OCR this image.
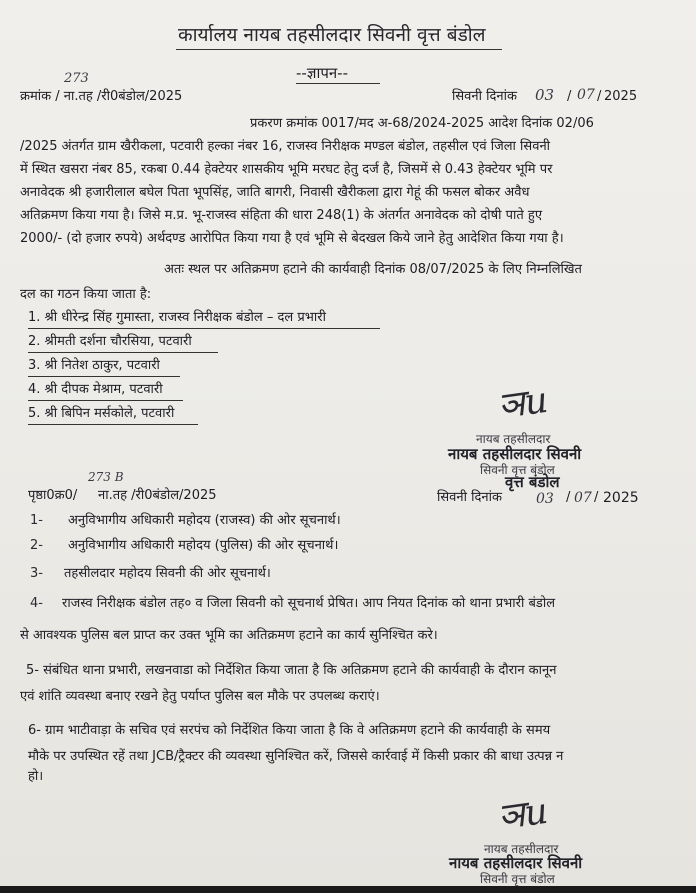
कार्यालय नायब तहसीलदार सिवनी वृत्त बंडोल
--ज्ञापन--
273
क्रमांक / ना.तह /री0बंडोल/2025	सिवनी दिनांक 03 / 07 / 2025
प्रकरण क्रमांक 0017/मद अ-68/2024-2025 आदेश दिनांक 02/06
/2025 अंतर्गत ग्राम खैरीकला, पटवारी हल्का नंबर 16, राजस्व निरीक्षक मण्डल बंडोल, तहसील एवं जिला सिवनी
में स्थित खसरा नंबर 85, रकबा 0.44 हेक्टेयर शासकीय भूमि मरघट हेतु दर्ज है, जिसमें से 0.43 हेक्टेयर भूमि पर
अनावेदक श्री हजारीलाल बघेल पिता भूपसिंह, जाति बागरी, निवासी खैरीकला द्वारा गेहूं की फसल बोकर अवैध
अतिक्रमण किया गया है। जिसे म.प्र. भू-राजस्व संहिता की धारा 248(1) के अंतर्गत अनावेदक को दोषी पाते हुए
2000/- (दो हजार रुपये) अर्थदण्ड आरोपित किया गया है एवं भूमि से बेदखल किये जाने हेतु आदेशित किया गया है।
अतः स्थल पर अतिक्रमण हटाने की कार्यवाही दिनांक 08/07/2025 के लिए निम्नलिखित
दल का गठन किया जाता है:
1. श्री धीरेन्द्र सिंह गुमास्ता, राजस्व निरीक्षक बंडोल – दल प्रभारी
2. श्रीमती दर्शना चौरसिया, पटवारी
3. श्री नितेश ठाकुर, पटवारी
4. श्री दीपक मेश्राम, पटवारी
5. श्री बिपिन मर्सकोले, पटवारी	ञu
नायब तहसीलदार
नायब तहसीलदार सिवनी
सिवनी वृत्त बंडोल
वृत्त बंडोल
273 B
पृष्ठा0क्र0/ ना.तह /री0बंडोल/2025	सिवनी दिनांक 03 / 07 / 2025
1- अनुविभागीय अधिकारी महोदय (राजस्व) की ओर सूचनार्थ।
2- अनुविभागीय अधिकारी महोदय (पुलिस) की ओर सूचनार्थ।
3- तहसीलदार महोदय सिवनी की ओर सूचनार्थ।
4- राजस्व निरीक्षक बंडोल तह० व जिला सिवनी को सूचनार्थ प्रेषित। आप नियत दिनांक को थाना प्रभारी बंडोल
से आवश्यक पुलिस बल प्राप्त कर उक्त भूमि का अतिक्रमण हटाने का कार्य सुनिश्चित करे।
5- संबंधित थाना प्रभारी, लखनवाडा को निर्देशित किया जाता है कि अतिक्रमण हटाने की कार्यवाही के दौरान कानून
एवं शांति व्यवस्था बनाए रखने हेतु पर्याप्त पुलिस बल मौके पर उपलब्ध कराएं।
6- ग्राम भाटीवाड़ा के सचिव एवं सरपंच को निर्देशित किया जाता है कि वे अतिक्रमण हटाने की कार्यवाही के समय
मौके पर उपस्थित रहें तथा JCB/ट्रैक्टर की व्यवस्था सुनिश्चित करें, जिससे कार्रवाई में किसी प्रकार की बाधा उत्पन्न न
हो।
ञu
नायब तहसीलदार
नायब तहसीलदार सिवनी
सिवनी वृत्त बंडोल
